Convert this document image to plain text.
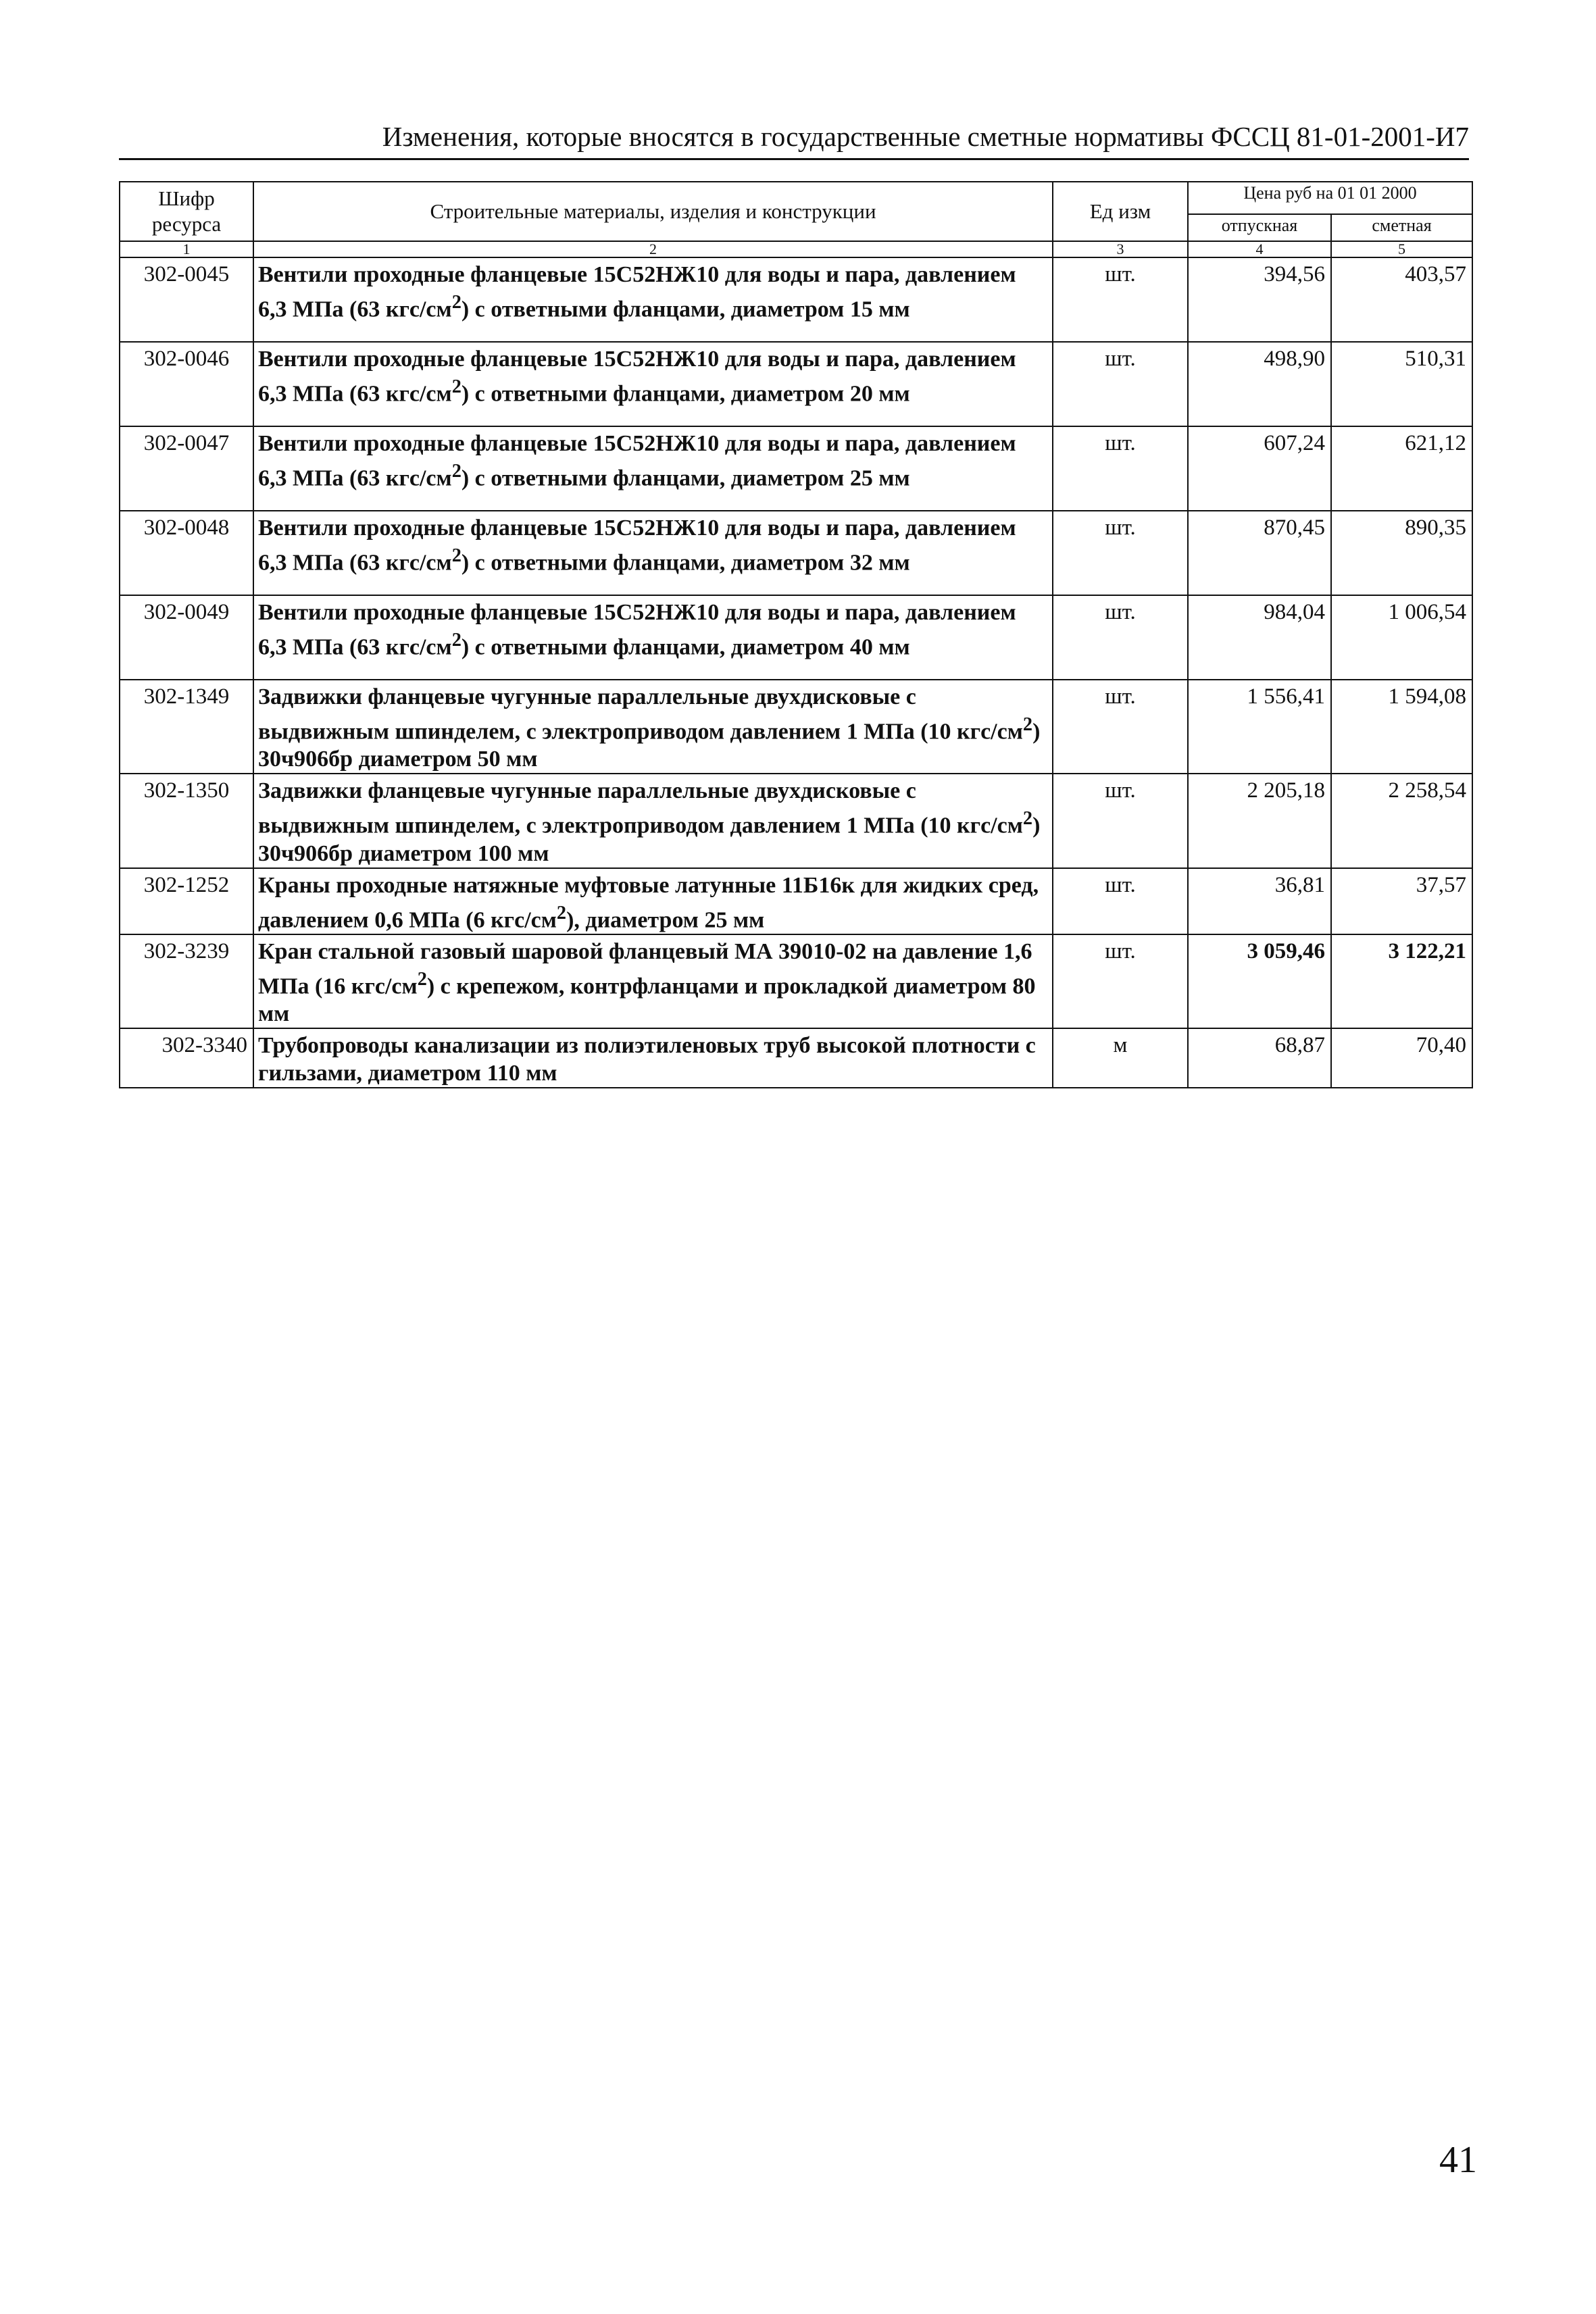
Изменения, которые вносятся в государственные сметные нормативы ФССЦ 81-01-2001-И7
Шифр ресурса	Строительные материалы, изделия и конструкции	Ед изм	Цена руб на 01 01 2000	
			отпускная	сметная
1	2	3	4	5
302-0045	Вентили проходные фланцевые 15С52НЖ10 для воды и пара, давлением 6,3 МПа (63 кгс/$см^2$) с ответными фланцами, диаметром 15 мм	шт.	394,56	403,57
302-0046	Вентили проходные фланцевые 15С52НЖ10 для воды и пара, давлением 6,3 МПа (63 кгс/$см^2$) с ответными фланцами, диаметром 20 мм	шт.	498,90	510,31
302-0047	Вентили проходные фланцевые 15С52НЖ10 для воды и пара, давлением 6,3 МПа (63 кгс/$см^2$) с ответными фланцами, диаметром 25 мм	шт.	607,24	621,12
302-0048	Вентили проходные фланцевые 15С52НЖ10 для воды и пара, давлением 6,3 МПа (63 кгс/$см^2$) с ответными фланцами, диаметром 32 мм	шт.	870,45	890,35
302-0049	Вентили проходные фланцевые 15С52НЖ10 для воды и пара, давлением 6,3 МПа (63 кгс/$см^2$) с ответными фланцами, диаметром 40 мм	шт.	984,04	1 006,54
302-1349	Задвижки фланцевые чугунные параллельные двухдисковые с выдвижным шпинделем, с электроприводом давлением 1 МПа (10 кгс/$см^2$) 30ч906бр диаметром 50 мм	шт.	1 556,41	1 594,08
302-1350	Задвижки фланцевые чугунные параллельные двухдисковые с выдвижным шпинделем, с электроприводом давлением 1 МПа (10 кгс/$см^2$) 30ч906бр диаметром 100 мм	шт.	2 205,18	2 258,54
302-1252	Краны проходные натяжные муфтовые латунные 11Б16к для жидких сред, давлением 0,6 МПа (6 кгс/$см^2$), диаметром 25 мм	шт.	36,81	37,57
302-3239	Кран стальной газовый шаровой фланцевый МА 39010-02 на давление 1,6 МПа (16 кгс/$см^2$) с крепежом, контрфланцами и прокладкой диаметром 80 мм	шт.	3 059,46	3 122,21
302-3340	Трубопроводы канализации из полиэтиленовых труб высокой плотности с гильзами, диаметром 110 мм	м	68,87	70,40
41
